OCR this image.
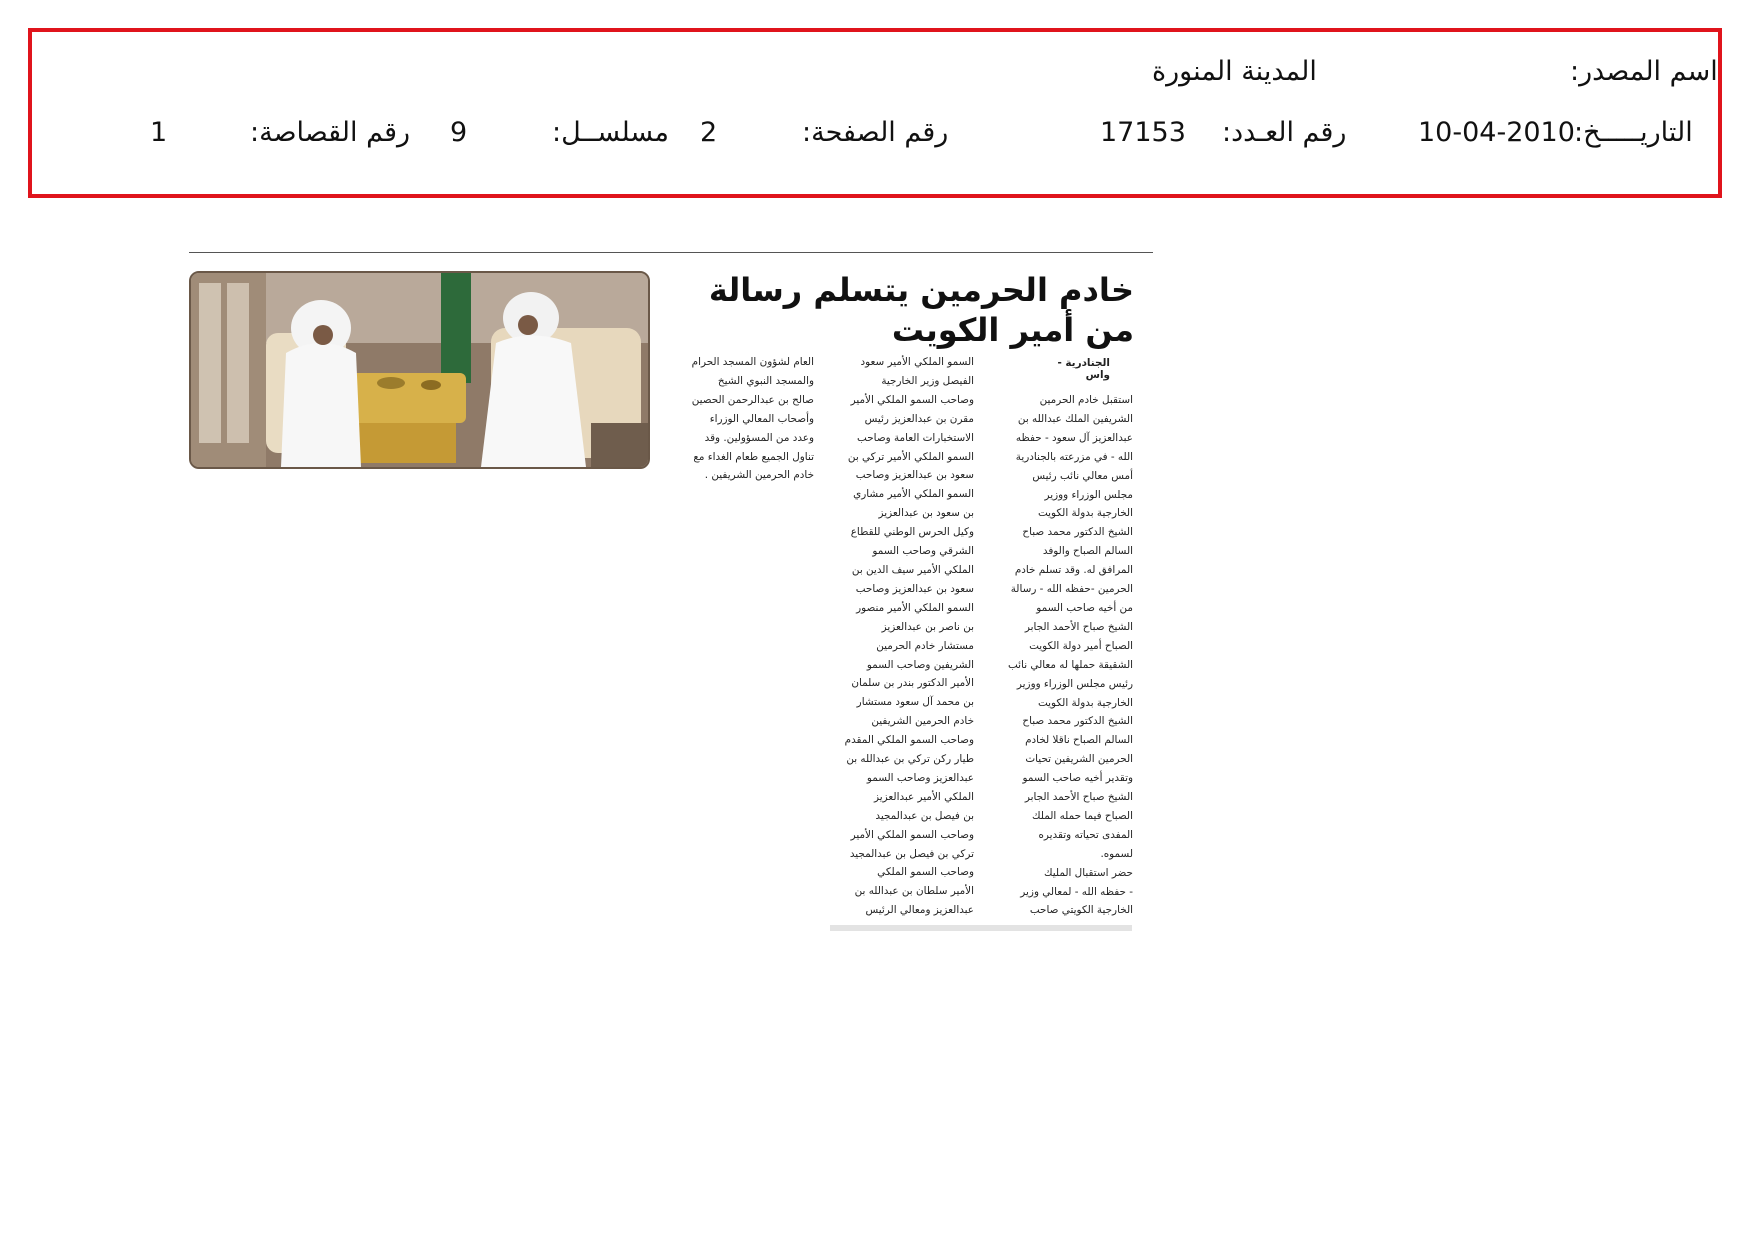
اسم المصدر:
المدينة المنورة
التاريـــــخ:
10-04-2010
رقم العـدد:
17153
رقم الصفحة:
2
مسلســل:
9
رقم القصاصة:
1
خادم الحرمين يتسلم رسالة من أمير الكويت
الجنادرية - واس
استقبل خادم الحرمين
الشريفين الملك عبدالله بن
عبدالعزيز آل سعود - حفظه
الله - في مزرعته بالجنادرية
أمس معالي نائب رئيس
مجلس الوزراء ووزير
الخارجية بدولة الكويت
الشيخ الدكتور محمد صباح
السالم الصباح والوفد
المرافق له. وقد تسلم خادم
الحرمين -حفظه الله - رسالة
من أخيه صاحب السمو
الشيخ صباح الأحمد الجابر
الصباح أمير دولة الكويت
الشقيقة حملها له معالي نائب
رئيس مجلس الوزراء ووزير
الخارجية بدولة الكويت
الشيخ الدكتور محمد صباح
السالم الصباح ناقلا لخادم
الحرمين الشريفين تحيات
وتقدير أخيه صاحب السمو
الشيخ صباح الأحمد الجابر
الصباح فيما حمله الملك
المفدى تحياته وتقديره
لسموه.
حضر استقبال المليك
- حفظه الله - لمعالي وزير
الخارجية الكويتي صاحب
السمو الملكي الأمير سعود
الفيصل وزير الخارجية
وصاحب السمو الملكي الأمير
مقرن بن عبدالعزيز رئيس
الاستخبارات العامة وصاحب
السمو الملكي الأمير تركي بن
سعود بن عبدالعزيز وصاحب
السمو الملكي الأمير مشاري
بن سعود بن عبدالعزيز
وكيل الحرس الوطني للقطاع
الشرقي وصاحب السمو
الملكي الأمير سيف الدين بن
سعود بن عبدالعزيز وصاحب
السمو الملكي الأمير منصور
بن ناصر بن عبدالعزيز
مستشار خادم الحرمين
الشريفين وصاحب السمو
الأمير الدكتور بندر بن سلمان
بن محمد آل سعود مستشار
خادم الحرمين الشريفين
وصاحب السمو الملكي المقدم
طيار ركن تركي بن عبدالله بن
عبدالعزيز وصاحب السمو
الملكي الأمير عبدالعزيز
بن فيصل بن عبدالمجيد
وصاحب السمو الملكي الأمير
تركي بن فيصل بن عبدالمجيد
وصاحب السمو الملكي
الأمير سلطان بن عبدالله بن
عبدالعزيز ومعالي الرئيس
العام لشؤون المسجد الحرام
والمسجد النبوي الشيخ
صالح بن عبدالرحمن الحصين
وأصحاب المعالي الوزراء
وعدد من المسؤولين. وقد
تناول الجميع طعام الغداء مع
خادم الحرمين الشريفين .
